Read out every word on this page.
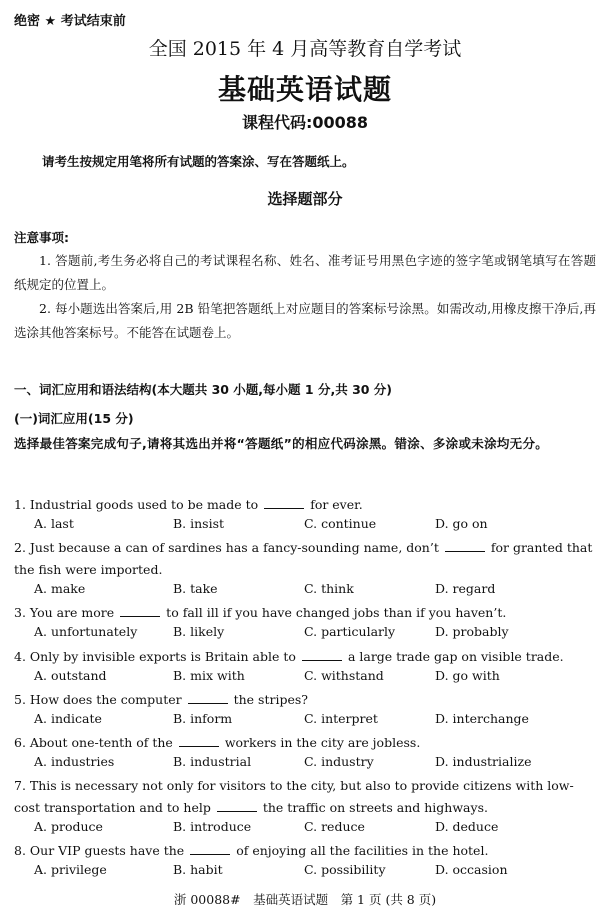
绝密 ★ 考试结束前
全国 2015 年 4 月高等教育自学考试
基础英语试题
课程代码:00088
请考生按规定用笔将所有试题的答案涂、写在答题纸上。
选择题部分
注意事项:
1. 答题前,考生务必将自己的考试课程名称、姓名、准考证号用黑色字迹的签字笔或钢笔填写在答题纸规定的位置上。
2. 每小题选出答案后,用 2B 铅笔把答题纸上对应题目的答案标号涂黑。如需改动,用橡皮擦干净后,再选涂其他答案标号。不能答在试题卷上。
一、词汇应用和语法结构(本大题共 30 小题,每小题 1 分,共 30 分)
(一)词汇应用(15 分)
选择最佳答案完成句子,请将其选出并将“答题纸”的相应代码涂黑。错涂、多涂或未涂均无分。
1. Industrial goods used to be made to	for ever.
A. last	B. insist	C. continue	D. go on
2. Just because a can of sardines has a fancy-sounding name, don’t	for granted that the fish were imported.
A. make	B. take	C. think	D. regard
3. You are more	to fall ill if you have changed jobs than if you haven’t.
A. unfortunately	B. likely	C. particularly	D. probably
4. Only by invisible exports is Britain able to	a large trade gap on visible trade.
A. outstand	B. mix with	C. withstand	D. go with
5. How does the computer	the stripes?
A. indicate	B. inform	C. interpret	D. interchange
6. About one-tenth of the	workers in the city are jobless.
A. industries	B. industrial	C. industry	D. industrialize
7. This is necessary not only for visitors to the city, but also to provide citizens with low-cost transportation and to help	the traffic on streets and highways.
A. produce	B. introduce	C. reduce	D. deduce
8. Our VIP guests have the	of enjoying all the facilities in the hotel.
A. privilege	B. habit	C. possibility	D. occasion
浙 00088#　基础英语试题　第 1 页 (共 8 页)
